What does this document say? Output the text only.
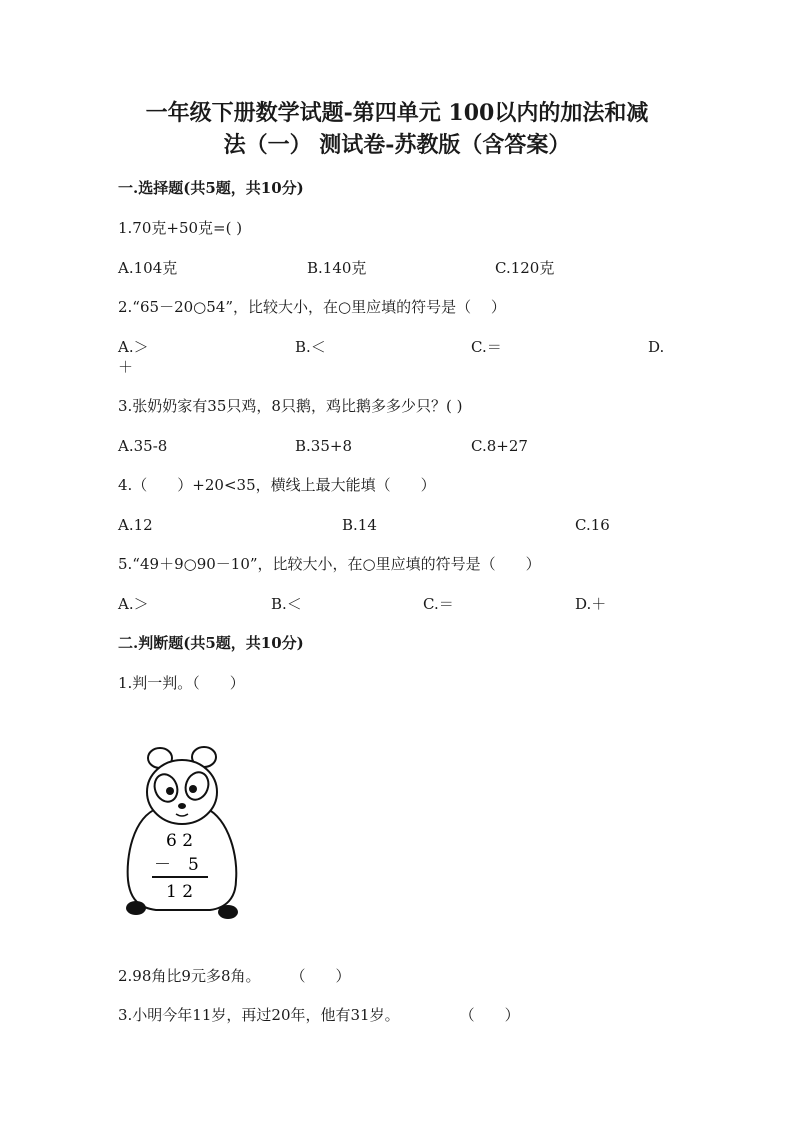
一年级下册数学试题-第四单元 100以内的加法和减
法（一） 测试卷-苏教版（含答案）
一.选择题(共5题，共10分)
1.70克+50克=( )
A.104克	B.140克	C.120克
2.“65－20○54”，比较大小，在○里应填的符号是（　 ）
A.＞	B.＜	C.＝	D.
＋
3.张奶奶家有35只鸡，8只鹅，鸡比鹅多多少只？( )
A.35-8	B.35+8	C.8+27
4.（　　）+20<35，横线上最大能填（　　）
A.12	B.14	C.16
5.“49＋9○90－10”，比较大小，在○里应填的符号是（　　）
A.＞	B.＜	C.＝	D.＋
二.判断题(共5题，共10分)
1.判一判。（　　）
6 2
－　5
1 2
2.98角比9元多8角。　　　（　　）
3.小明今年11岁，再过20年，他有31岁。　　　　　（　　）
